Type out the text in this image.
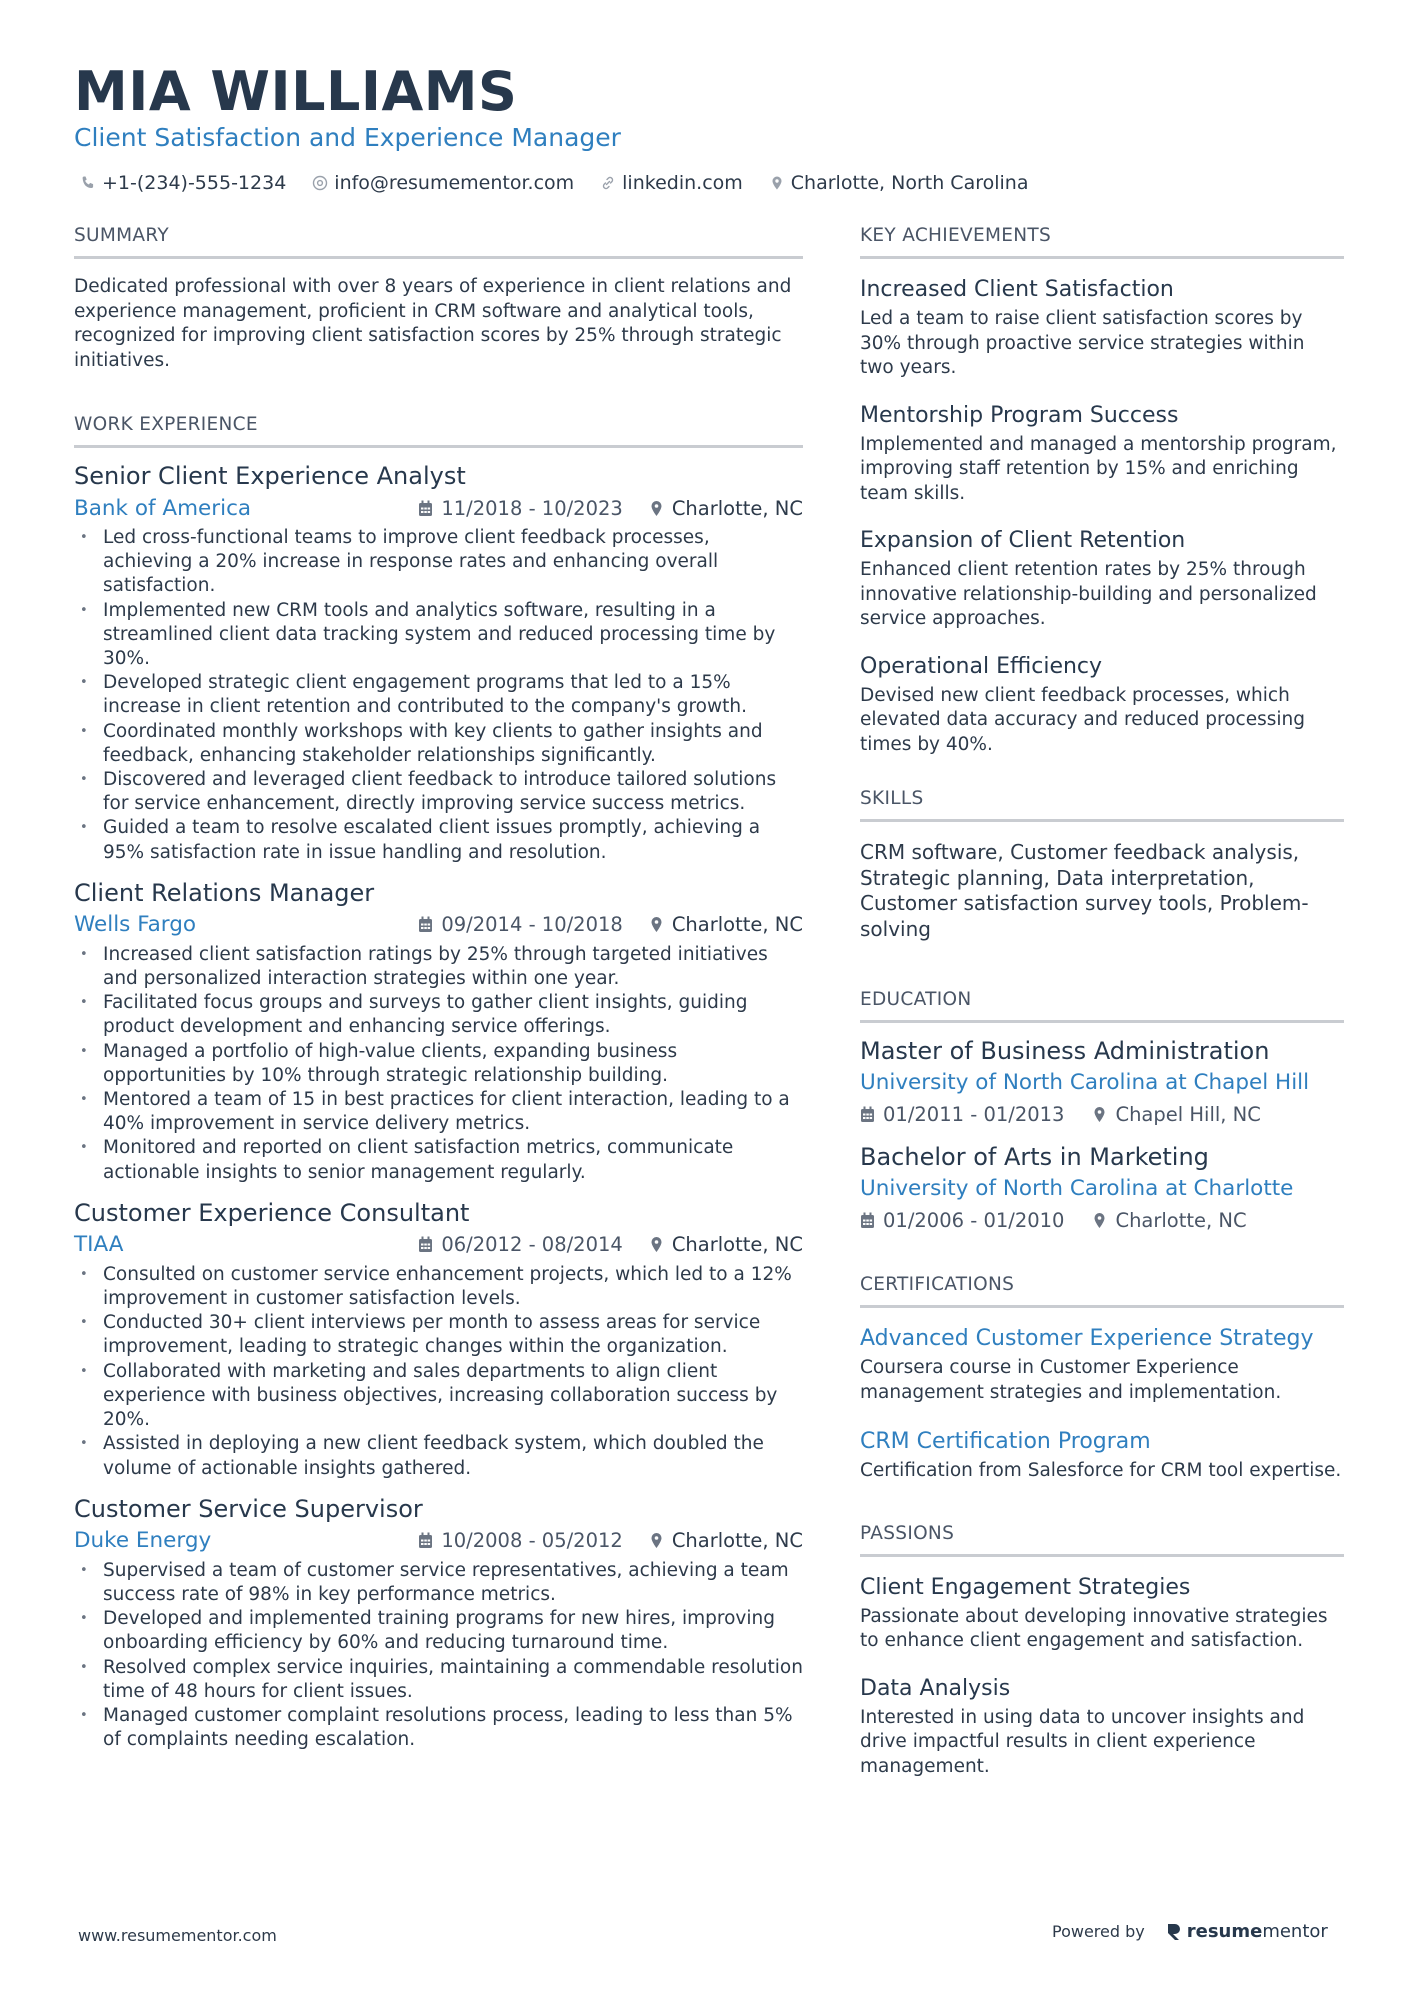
MIA WILLIAMS
Client Satisfaction and Experience Manager
+1-(234)-555-1234	info@resumementor.com	linkedin.com	Charlotte, North Carolina
SUMMARY
Dedicated professional with over 8 years of experience in client relations and experience management, proficient in CRM software and analytical tools, recognized for improving client satisfaction scores by 25% through strategic initiatives.
WORK EXPERIENCE
Senior Client Experience Analyst
Bank of America	11/2018 - 10/2023	Charlotte, NC
• Led cross-functional teams to improve client feedback processes, achieving a 20% increase in response rates and enhancing overall satisfaction.
• Implemented new CRM tools and analytics software, resulting in a streamlined client data tracking system and reduced processing time by 30%.
• Developed strategic client engagement programs that led to a 15% increase in client retention and contributed to the company's growth.
• Coordinated monthly workshops with key clients to gather insights and feedback, enhancing stakeholder relationships significantly.
• Discovered and leveraged client feedback to introduce tailored solutions for service enhancement, directly improving service success metrics.
• Guided a team to resolve escalated client issues promptly, achieving a 95% satisfaction rate in issue handling and resolution.
Client Relations Manager
Wells Fargo	09/2014 - 10/2018	Charlotte, NC
• Increased client satisfaction ratings by 25% through targeted initiatives and personalized interaction strategies within one year.
• Facilitated focus groups and surveys to gather client insights, guiding product development and enhancing service offerings.
• Managed a portfolio of high-value clients, expanding business opportunities by 10% through strategic relationship building.
• Mentored a team of 15 in best practices for client interaction, leading to a 40% improvement in service delivery metrics.
• Monitored and reported on client satisfaction metrics, communicate actionable insights to senior management regularly.
Customer Experience Consultant
TIAA	06/2012 - 08/2014	Charlotte, NC
• Consulted on customer service enhancement projects, which led to a 12% improvement in customer satisfaction levels.
• Conducted 30+ client interviews per month to assess areas for service improvement, leading to strategic changes within the organization.
• Collaborated with marketing and sales departments to align client experience with business objectives, increasing collaboration success by 20%.
• Assisted in deploying a new client feedback system, which doubled the volume of actionable insights gathered.
Customer Service Supervisor
Duke Energy	10/2008 - 05/2012	Charlotte, NC
• Supervised a team of customer service representatives, achieving a team success rate of 98% in key performance metrics.
• Developed and implemented training programs for new hires, improving onboarding efficiency by 60% and reducing turnaround time.
• Resolved complex service inquiries, maintaining a commendable resolution time of 48 hours for client issues.
• Managed customer complaint resolutions process, leading to less than 5% of complaints needing escalation.
KEY ACHIEVEMENTS
Increased Client Satisfaction
Led a team to raise client satisfaction scores by 30% through proactive service strategies within two years.
Mentorship Program Success
Implemented and managed a mentorship program, improving staff retention by 15% and enriching team skills.
Expansion of Client Retention
Enhanced client retention rates by 25% through innovative relationship-building and personalized service approaches.
Operational Efficiency
Devised new client feedback processes, which elevated data accuracy and reduced processing times by 40%.
SKILLS
CRM software, Customer feedback analysis, Strategic planning, Data interpretation, Customer satisfaction survey tools, Problem-solving
EDUCATION
Master of Business Administration
University of North Carolina at Chapel Hill
01/2011 - 01/2013	Chapel Hill, NC
Bachelor of Arts in Marketing
University of North Carolina at Charlotte
01/2006 - 01/2010	Charlotte, NC
CERTIFICATIONS
Advanced Customer Experience Strategy
Coursera course in Customer Experience management strategies and implementation.
CRM Certification Program
Certification from Salesforce for CRM tool expertise.
PASSIONS
Client Engagement Strategies
Passionate about developing innovative strategies to enhance client engagement and satisfaction.
Data Analysis
Interested in using data to uncover insights and drive impactful results in client experience management.
www.resumementor.com	Powered by resumementor
